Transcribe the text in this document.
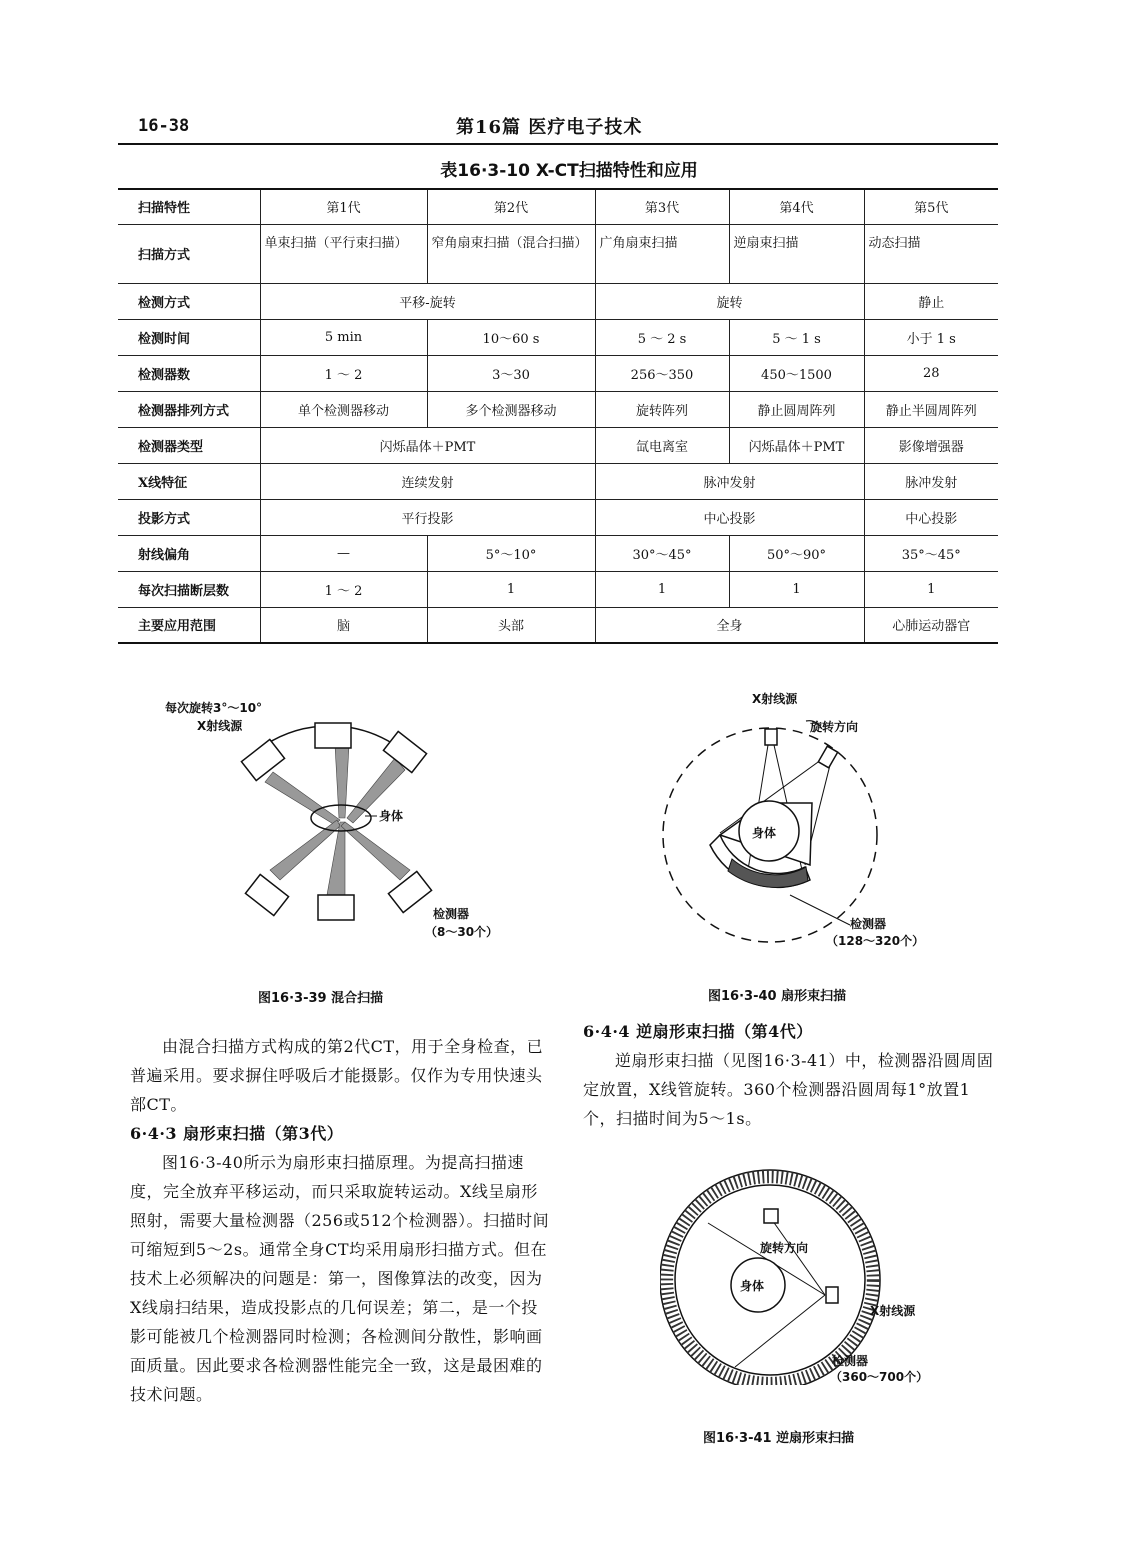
16-38	第16篇 医疗电子技术
表16·3-10 X-CT扫描特性和应用
扫描特性	第1代	第2代	第3代	第4代	第5代
扫描方式	单束扫描（平行束扫描）	窄角扇束扫描（混合扫描）	广角扇束扫描	逆扇束扫描	动态扫描
检测方式	平移-旋转		旋转		静止
检测时间	5 min	10～60 s	5 ～ 2 s	5 ～ 1 s	小于 1 s
检测器数	1 ～ 2	3～30	256～350	450～1500	28
检测器排列方式	单个检测器移动	多个检测器移动	旋转阵列	静止圆周阵列	静止半圆周阵列
检测器类型	闪烁晶体＋PMT		氙电离室	闪烁晶体＋PMT	影像增强器
X线特征	连续发射		脉冲发射		脉冲发射
投影方式	平行投影		中心投影		中心投影
射线偏角	—	5°～10°	30°～45°	50°～90°	35°～45°
每次扫描断层数	1 ～ 2	1	1	1	1
主要应用范围	脑	头部	全身		心肺运动器官
每次旋转3°～10°
X射线源
身体
检测器
（8～30个）
图16·3-39 混合扫描
X射线源
旋转方向
身体
检测器
（128～320个）
图16·3-40 扇形束扫描
旋转方向
身体
X射线源
检测器
（360～700个）
图16·3-41 逆扇形束扫描

由混合扫描方式构成的第2代CT，用于全身检查，已普遍采用。要求摒住呼吸后才能摄影。仅作为专用快速头部CT。

6·4·3 扇形束扫描（第3代）

图16·3-40所示为扇形束扫描原理。为提高扫描速度，完全放弃平移运动，而只采取旋转运动。X线呈扇形照射，需要大量检测器（256或512个检测器）。扫描时间可缩短到5～2s。通常全身CT均采用扇形扫描方式。但在技术上必须解决的问题是：第一，图像算法的改变，因为X线扇扫结果，造成投影点的几何误差；第二，是一个投影可能被几个检测器同时检测；各检测间分散性，影响画面质量。因此要求各检测器性能完全一致，这是最困难的技术问题。

6·4·4 逆扇形束扫描（第4代）

逆扇形束扫描（见图16·3-41）中，检测器沿圆周固定放置，X线管旋转。360个检测器沿圆周每1°放置1个，扫描时间为5～1s。
